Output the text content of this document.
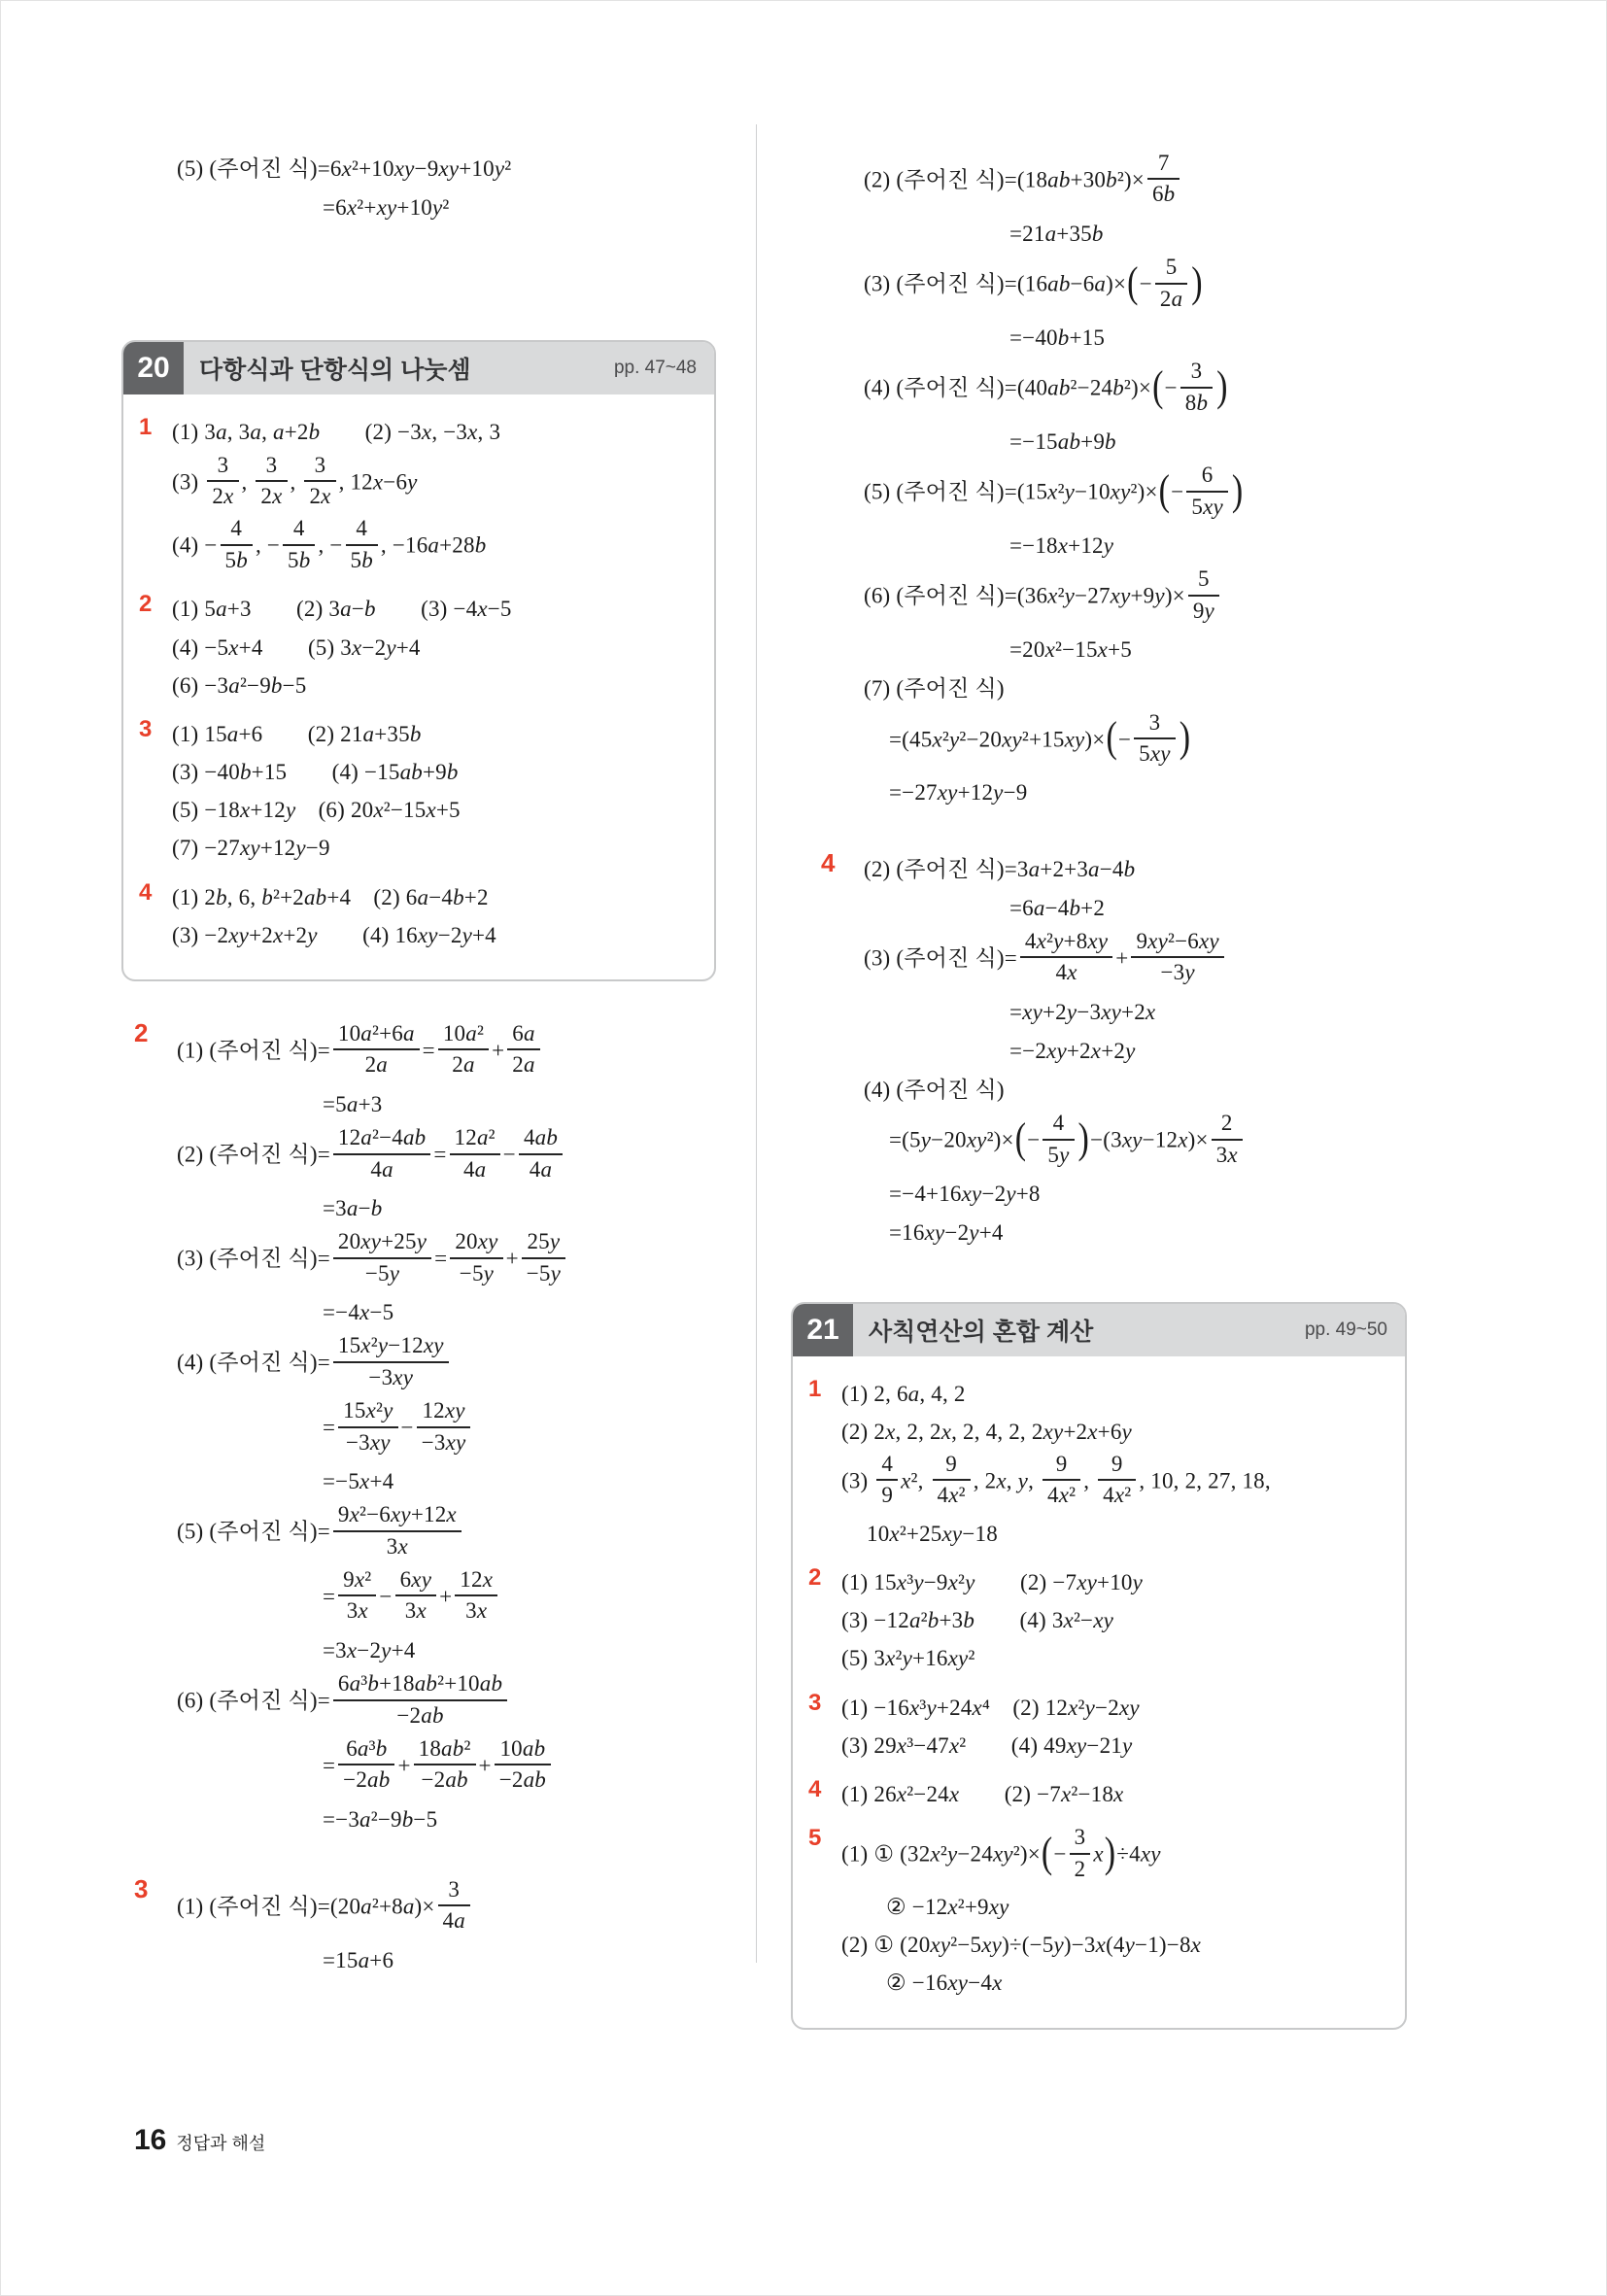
(5) (주어진 식)=6x²+10xy−9xy+10y²
=6x²+xy+10y²
20	다항식과 단항식의 나눗셈	pp. 47~48
1 (1) 3a, 3a, a+2b  (2) −3x, −3x, 3
$(3) \frac{3}{2x}$ , $\frac{3}{2x}$ , $\frac{3}{2x}$ , 12x−6y
$(4) - \frac{4}{5b}$ , − $\frac{4}{5b}$ , − $\frac{4}{5b}$ , −16a+28b
2 (1) 5a+3  (2) 3a−b  (3) −4x−5
(4) −5x+4  (5) 3x−2y+4
(6) −3a²−9b−5
3 (1) 15a+6  (2) 21a+35b
(3) −40b+15  (4) −15ab+9b
(5) −18x+12y (6) 20x²−15x+5
(7) −27xy+12y−9
4 (1) 2b, 6, b²+2ab+4 (2) 6a−4b+2
(3) −2xy+2x+2y  (4) 16xy−2y+4
2
(1) (주어진 식)= $\frac{\text{10a²+6a}}{2a} = \frac{\text{10a²}}{2a} + \frac{6a}{2a}$
=5a+3
(2) (주어진 식)= $\frac{\text{12a²−4ab}}{4a} = \frac{\text{12a²}}{4a} - \frac{4ab}{4a}$
=3a−b
(3) (주어진 식)= $\frac{20xy+25y}{-5y} = \frac{20xy}{-5y} + \frac{25y}{-5y}$
=−4x−5
(4) (주어진 식)= $\frac{\text{15x²y−12xy}}{-3xy}$
= $\frac{\text{15x²y}}{-3xy} - \frac{12xy}{-3xy}$
=−5x+4
(5) (주어진 식)= $\frac{\text{9x²−6xy+12x}}{3x}$
= $\frac{\text{9x²}}{3x} - \frac{6xy}{3x} + \frac{12x}{3x}$
=3x−2y+4
(6) (주어진 식)= $\frac{\text{6a³b+18ab²+10ab}}{-2ab}$
= $\frac{\text{6a³b}}{-2ab} + \frac{\text{18ab²}}{-2ab} + \frac{10ab}{-2ab}$
=−3a²−9b−5
3
(1) (주어진 식)$=(20a^2+8a)\times \frac{3}{4a}$
=15a+6
(2) (주어진 식)$=(18ab+30b^2)\times \frac{7}{6b}$
=21a+35b
(3) (주어진 식)$=(16ab-6a)\times(- \frac{5}{2a}$ )
=−40b+15
(4) (주어진 식)$=(40ab^2-24b^2)\times(- \frac{3}{8b}$ )
=−15ab+9b
(5) (주어진 식)$=(15x^2y-10xy^2)\times(- \frac{6}{5xy}$ )
=−18x+12y
(6) (주어진 식)$=(36x^2y-27xy+9y)\times \frac{5}{9y}$
=20x²−15x+5
(7) (주어진 식)
$=(45x^2y^2-20xy^2+15xy)\times(- \frac{3}{5xy}$ )
=−27xy+12y−9
4	(2) (주어진 식)=3a+2+3a−4b
=6a−4b+2
(3) (주어진 식)= $\frac{\text{4x²y+8xy}}{4x} + \frac{\text{9xy²−6xy}}{-3y}$
=xy+2y−3xy+2x
=−2xy+2x+2y
(4) (주어진 식)
$=(5y-20xy^2)\times(- \frac{4}{5y} )-(3xy-12x)\times \frac{2}{3x}$
=−4+16xy−2y+8
=16xy−2y+4
21	사칙연산의 혼합 계산	pp. 49~50
1 (1) 2, 6a, 4, 2
(2) 2x, 2, 2x, 2, 4, 2, 2xy+2x+6y
$(3) \frac{4}{9} x^2$, $\frac{9}{\text{4x²}}$ , 2x, y, $\frac{9}{\text{4x²}}$ , $\frac{9}{\text{4x²}}$ , 10, 2, 27, 18,
10x²+25xy−18
2 (1) 15x³y−9x²y  (2) −7xy+10y
(3) −12a²b+3b  (4) 3x²−xy
(5) 3x²y+16xy²
3 (1) −16x³y+24x⁴ (2) 12x²y−2xy
(3) 29x³−47x²  (4) 49xy−21y
4 (1) 26x²−24x  (2) −7x²−18x
5
(1) ① $(32x^2y-24xy^2)\times(- \frac{3}{2} x)\div 4xy$
② −12x²+9xy
(2) ① (20xy²−5xy)÷(−5y)−3x(4y−1)−8x
② −16xy−4x
16 정답과 해설
